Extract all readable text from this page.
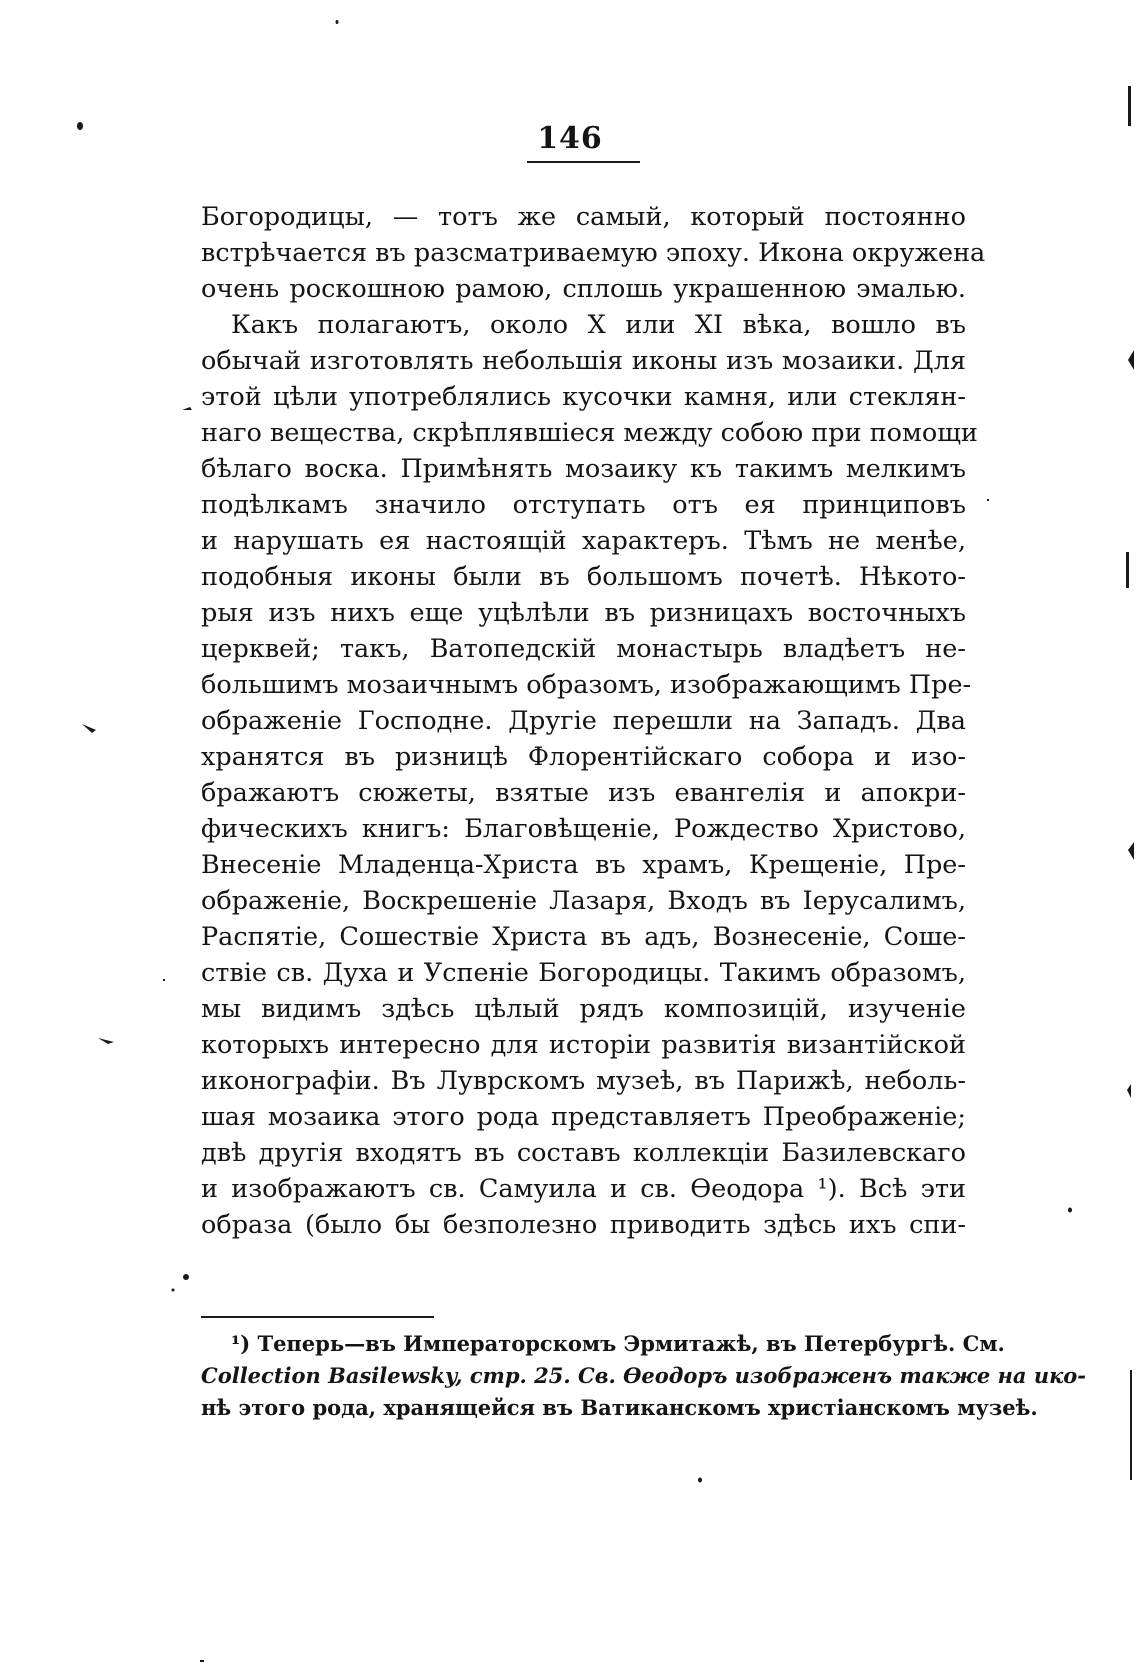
146
Богородицы, — тотъ же самый, который постоянно
встрѣчается въ разсматриваемую эпоху. Икона окружена
очень роскошною рамою, сплошь украшенною эмалью.
Какъ полагаютъ, около X или XI вѣка, вошло въ
обычай изготовлять небольшія иконы изъ мозаики. Для
этой цѣли употреблялись кусочки камня, или стеклян-
наго вещества, скрѣплявшіеся между собою при помощи
бѣлаго воска. Примѣнять мозаику къ такимъ мелкимъ
подѣлкамъ значило отступать отъ ея принциповъ
и нарушать ея настоящій характеръ. Тѣмъ не менѣе,
подобныя иконы были въ большомъ почетѣ. Нѣкото-
рыя изъ нихъ еще уцѣлѣли въ ризницахъ восточныхъ
церквей; такъ, Ватопедскій монастырь владѣетъ не-
большимъ мозаичнымъ образомъ, изображающимъ Пре-
ображеніе Господне. Другіе перешли на Западъ. Два
хранятся въ ризницѣ Флорентійскаго собора и изо-
бражаютъ сюжеты, взятые изъ евангелія и апокри-
фическихъ книгъ: Благовѣщеніе, Рождество Христово,
Внесеніе Младенца-Христа въ храмъ, Крещеніе, Пре-
ображеніе, Воскрешеніе Лазаря, Входъ въ Іерусалимъ,
Распятіе, Сошествіе Христа въ адъ, Вознесеніе, Соше-
ствіе св. Духа и Успеніе Богородицы. Такимъ образомъ,
мы видимъ здѣсь цѣлый рядъ композицій, изученіе
которыхъ интересно для исторіи развитія византійской
иконографіи. Въ Луврскомъ музеѣ, въ Парижѣ, неболь-
шая мозаика этого рода представляетъ Преображеніе;
двѣ другія входятъ въ составъ коллекціи Базилевскаго
и изображаютъ св. Самуила и св. Ѳеодора ¹). Всѣ эти
образа (было бы безполезно приводить здѣсь ихъ спи-
¹) Теперь—въ Императорскомъ Эрмитажѣ, въ Петербургѣ. См.
Collection Basilewsky, стр. 25. Св. Ѳеодоръ изображенъ также на ико-
нѣ этого рода, хранящейся въ Ватиканскомъ христіанскомъ музеѣ.
